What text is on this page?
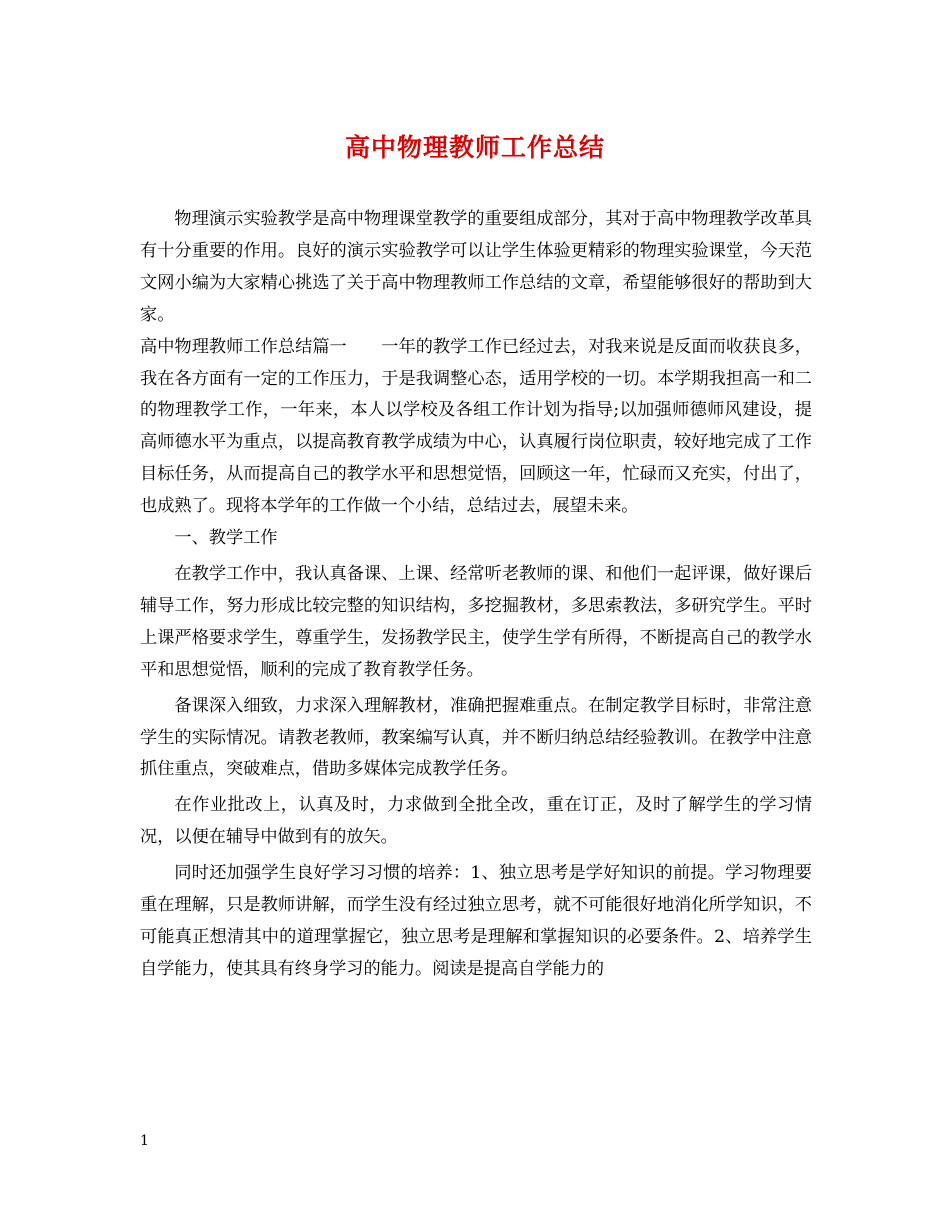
高中物理教师工作总结

物理演示实验教学是高中物理课堂教学的重要组成部分，其对于高中物理教学改革具有十分重要的作用。良好的演示实验教学可以让学生体验更精彩的物理实验课堂，今天范文网小编为大家精心挑选了关于高中物理教师工作总结的文章，希望能够很好的帮助到大家。

高中物理教师工作总结篇一　　一年的教学工作已经过去，对我来说是反面而收获良多，我在各方面有一定的工作压力，于是我调整心态，适用学校的一切。本学期我担高一和二的物理教学工作，一年来，本人以学校及各组工作计划为指导;以加强师德师风建设，提高师德水平为重点，以提高教育教学成绩为中心，认真履行岗位职责，较好地完成了工作目标任务，从而提高自己的教学水平和思想觉悟，回顾这一年，忙碌而又充实，付出了，也成熟了。现将本学年的工作做一个小结，总结过去，展望未来。

一、教学工作

在教学工作中，我认真备课、上课、经常听老教师的课、和他们一起评课，做好课后辅导工作，努力形成比较完整的知识结构，多挖掘教材，多思索教法，多研究学生。平时上课严格要求学生，尊重学生，发扬教学民主，使学生学有所得，不断提高自己的教学水平和思想觉悟，顺利的完成了教育教学任务。

备课深入细致，力求深入理解教材，准确把握难重点。在制定教学目标时，非常注意学生的实际情况。请教老教师，教案编写认真，并不断归纳总结经验教训。在教学中注意抓住重点，突破难点，借助多媒体完成教学任务。

在作业批改上，认真及时，力求做到全批全改，重在订正，及时了解学生的学习情况，以便在辅导中做到有的放矢。

同时还加强学生良好学习习惯的培养：1、独立思考是学好知识的前提。学习物理要重在理解，只是教师讲解，而学生没有经过独立思考，就不可能很好地消化所学知识，不可能真正想清其中的道理掌握它，独立思考是理解和掌握知识的必要条件。2、培养学生自学能力，使其具有终身学习的能力。阅读是提高自学能力的

1
